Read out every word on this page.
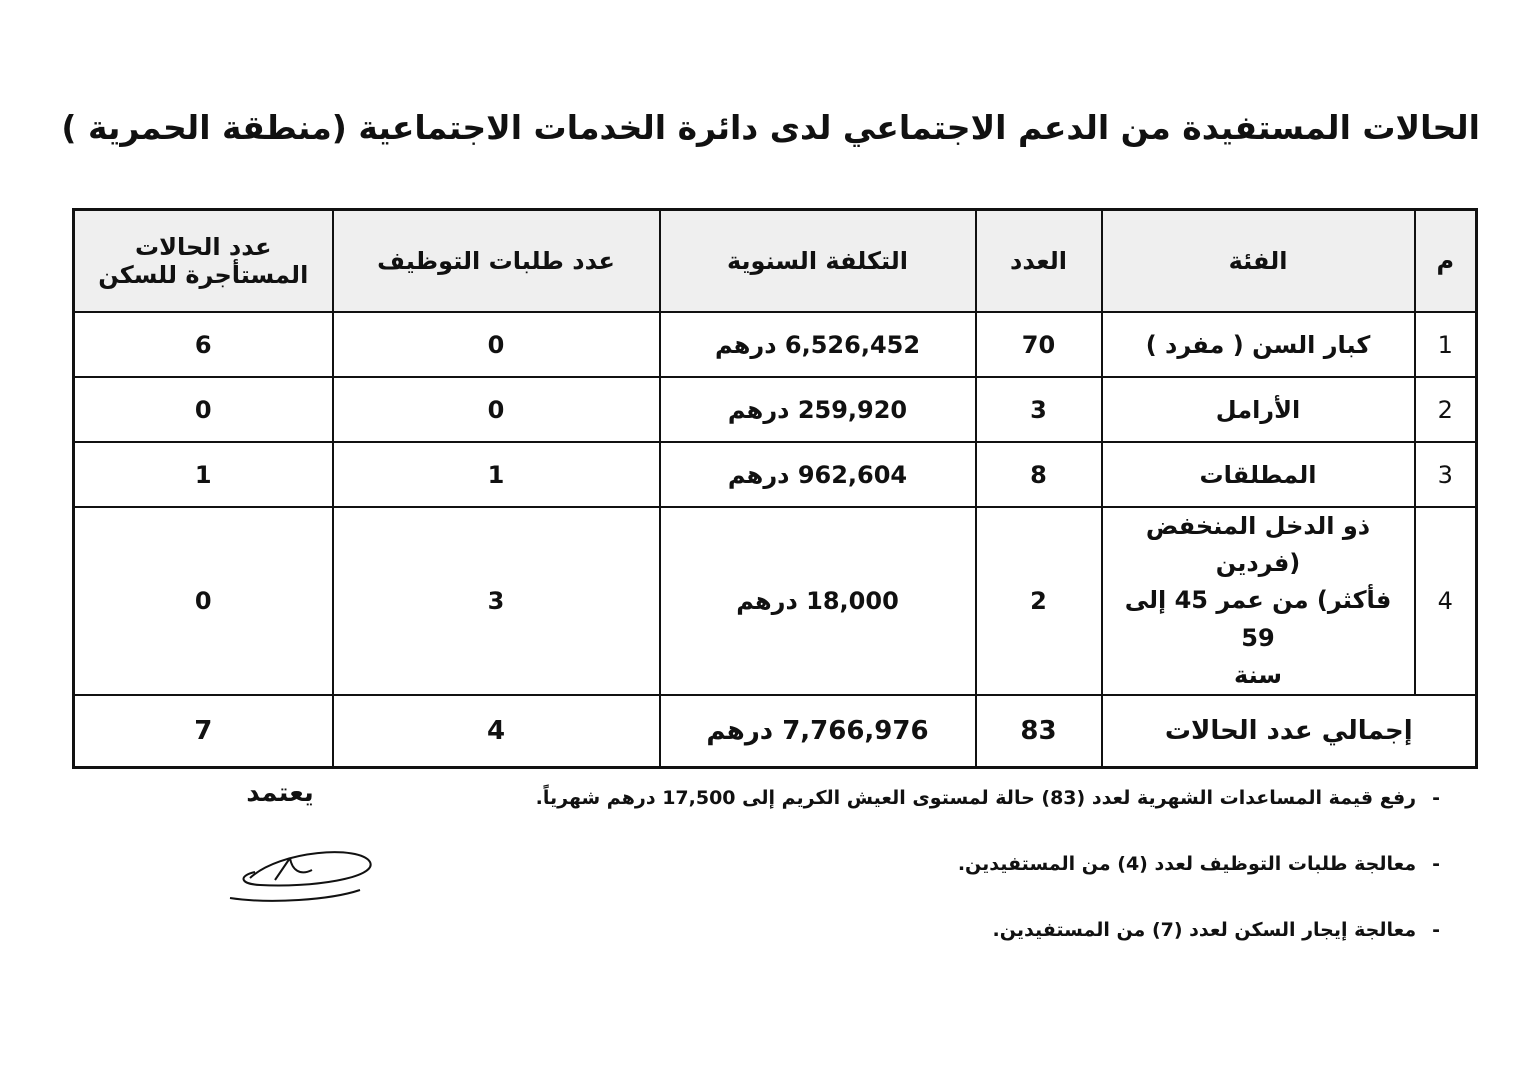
الحالات المستفيدة من الدعم الاجتماعي لدى دائرة الخدمات الاجتماعية (منطقة الحمرية )
م	الفئة	العدد	التكلفة السنوية	عدد طلبات التوظيف	عدد الحالات
المستأجرة للسكن

1	كبار السن ( مفرد )	70	6,526,452 درهم	0	6
2	الأرامل	3	259,920 درهم	0	0
3	المطلقات	8	962,604 درهم	1	1
4	ذو الدخل المنخفض (فردين
فأكثر) من عمر 45 إلى 59
سنة	2	18,000 درهم	3	0
إجمالي عدد الحالات		83	7,766,976 درهم	4	7
-رفع قيمة المساعدات الشهرية لعدد (83) حالة لمستوى العيش الكريم إلى 17,500 درهم شهرياً.
-معالجة طلبات التوظيف لعدد (4) من المستفيدين.
-معالجة إيجار السكن لعدد (7) من المستفيدين.
يعتمد
